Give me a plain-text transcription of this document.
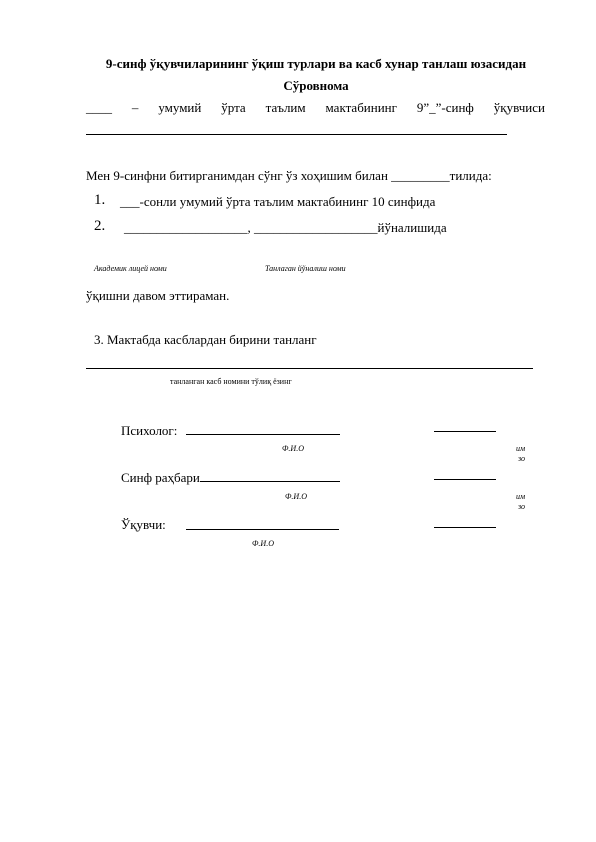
9-синф ўқувчиларининг ўқиш турлари ва касб хунар танлаш юзасидан
Сўровнома
____ – умумий ўрта таълим мактабининг 9”_”-синф ўқувчиси
Мен 9-синфни битирганимдан сўнг ўз хоҳишим билан _________тилида:
1. ___-сонли умумий ўрта таълим мактабининг 10 синфида
2. ___________________, ___________________йўналишида
Академик лицей номи	Танлаган йўналиш номи
ўқишни давом эттираман.
3. Мактабда касблардан бирини танланг
танланган касб номини тўлиқ ёзинг
Психолог:
Ф.И.О	им
зо
Синф раҳбари
Ф.И.О	им
зо
Ўқувчи:
Ф.И.О
